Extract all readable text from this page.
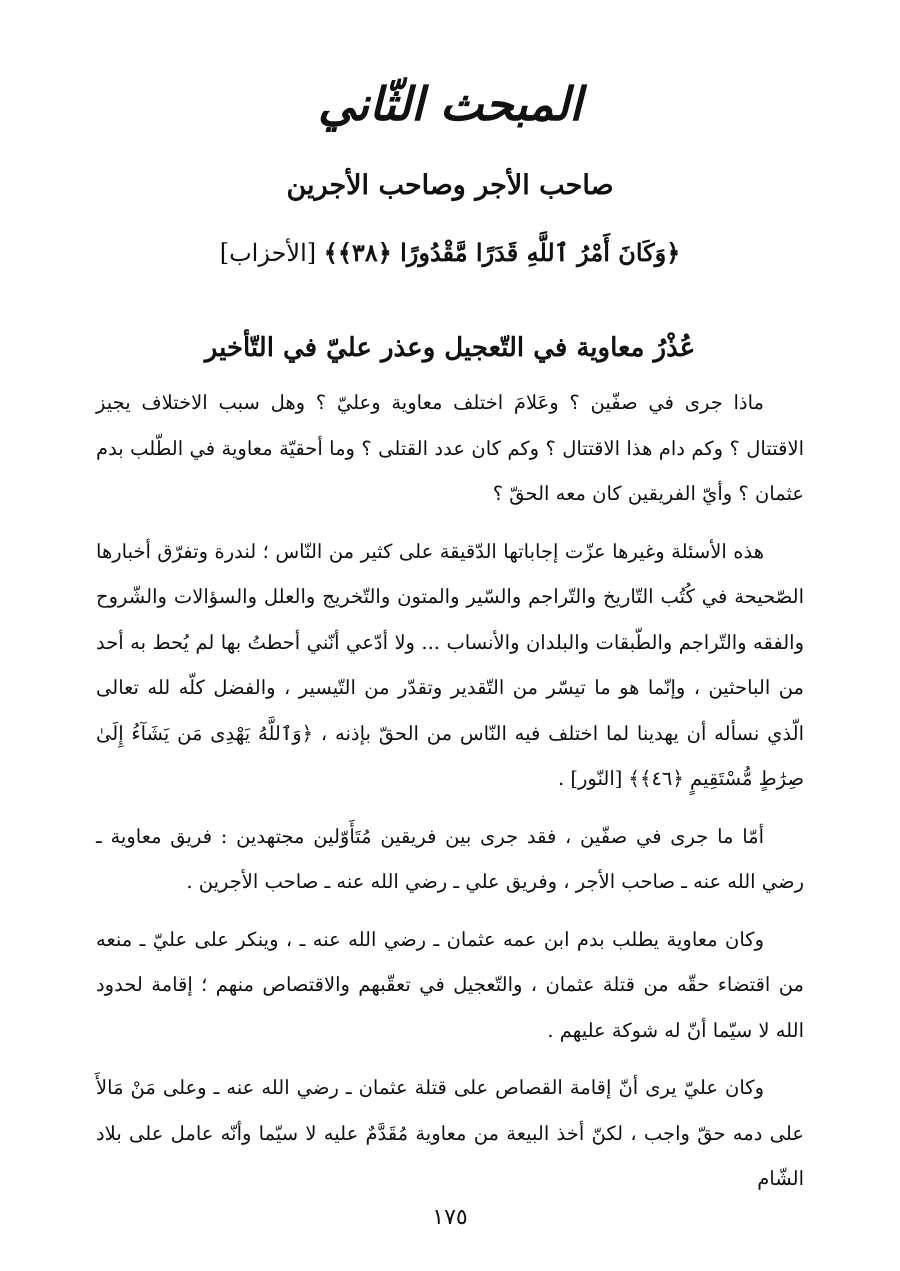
المبحث الثّاني
صاحب الأجر وصاحب الأجرين

﴿وَكَانَ أَمْرُ ٱللَّهِ قَدَرًا مَّقْدُورًا ﴿٣٨﴾﴾ [الأحزاب]

عُذْرُ معاوية في التّعجيل وعذر عليّ في التّأخير

ماذا جرى في صفّين ؟ وعَلامَ اختلف معاوية وعليّ ؟ وهل سبب الاختلاف يجيز الاقتتال ؟ وكم دام هذا الاقتتال ؟ وكم كان عدد القتلى ؟ وما أحقيّة معاوية في الطّلب بدم عثمان ؟ وأيّ الفريقين كان معه الحقّ ؟

هذه الأسئلة وغيرها عزّت إجاباتها الدّقيقة على كثير من النّاس ؛ لندرة وتفرّق أخبارها الصّحيحة في كُتُب التّاريخ والتّراجم والسّير والمتون والتّخريج والعلل والسؤالات والشّروح والفقه والتّراجم والطّبقات والبلدان والأنساب ... ولا أدّعي أنّني أحطتُ بها لم يُحط به أحد من الباحثين ، وإنّما هو ما تيسّر من التّقدير وتقدّر من التّيسير ، والفضل كلّه لله تعالى الّذي نسأله أن يهدينا لما اختلف فيه النّاس من الحقّ بإذنه ، ﴿وَٱللَّهُ يَهْدِى مَن يَشَآءُ إِلَىٰ صِرَٰطٍ مُّسْتَقِيمٍ ﴿٤٦﴾﴾ [النّور] .

أمّا ما جرى في صفّين ، فقد جرى بين فريقين مُتَأَوّلين مجتهدين : فريق معاوية ـ رضي الله عنه ـ صاحب الأجر ، وفريق علي ـ رضي الله عنه ـ صاحب الأجرين .

وكان معاوية يطلب بدم ابن عمه عثمان ـ رضي الله عنه ـ ، وينكر على عليّ ـ منعه من اقتضاء حقّه من قتلة عثمان ، والتّعجيل في تعقّبهم والاقتصاص منهم ؛ إقامة لحدود الله لا سيّما أنّ له شوكة عليهم .

وكان عليّ يرى أنّ إقامة القصاص على قتلة عثمان ـ رضي الله عنه ـ وعلى مَنْ مَالأَ على دمه حقّ واجب ، لكنّ أخذ البيعة من معاوية مُقَدَّمٌ عليه لا سيّما وأنّه عامل على بلاد الشّام

١٧٥
